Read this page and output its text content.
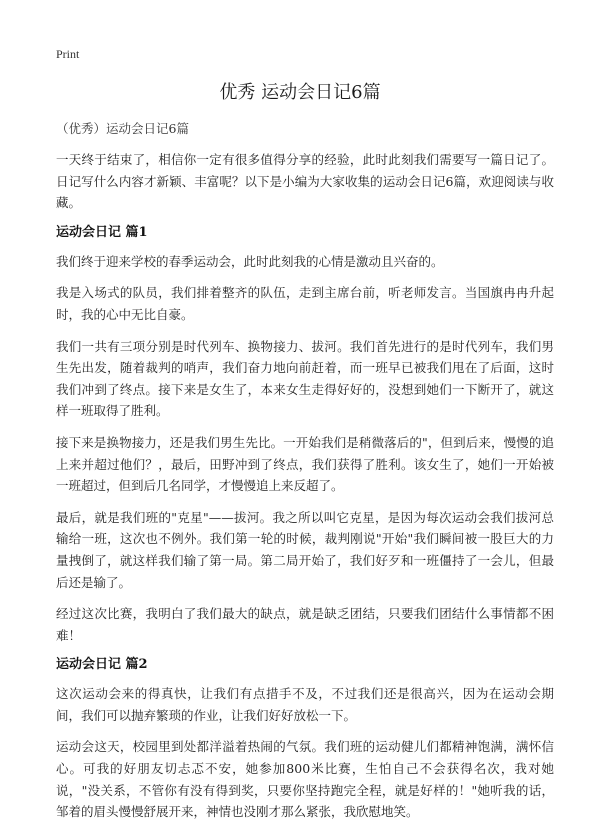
Print
优秀 运动会日记6篇
（优秀）运动会日记6篇

一天终于结束了，相信你一定有很多值得分享的经验，此时此刻我们需要写一篇日记了。日记写什么内容才新颖、丰富呢？以下是小编为大家收集的运动会日记6篇，欢迎阅读与收藏。

运动会日记 篇1

我们终于迎来学校的春季运动会，此时此刻我的心情是激动且兴奋的。

我是入场式的队员，我们排着整齐的队伍，走到主席台前，听老师发言。当国旗冉冉升起时，我的心中无比自豪。

我们一共有三项分别是时代列车、换物接力、拔河。我们首先进行的是时代列车，我们男生先出发，随着裁判的哨声，我们奋力地向前赶着，而一班早已被我们甩在了后面，这时我们冲到了终点。接下来是女生了，本来女生走得好好的，没想到她们一下断开了，就这样一班取得了胜利。

接下来是换物接力，还是我们男生先比。一开始我们是稍微落后的"，但到后来，慢慢的追上来并超过他们？，最后，田野冲到了终点，我们获得了胜利。该女生了，她们一开始被一班超过，但到后几名同学，才慢慢追上来反超了。

最后，就是我们班的"克星"——拔河。我之所以叫它克星，是因为每次运动会我们拔河总输给一班，这次也不例外。我们第一轮的时候，裁判刚说"开始"我们瞬间被一股巨大的力量拽倒了，就这样我们输了第一局。第二局开始了，我们好歹和一班僵持了一会儿，但最后还是输了。

经过这次比赛，我明白了我们最大的缺点，就是缺乏团结，只要我们团结什么事情都不困难！

运动会日记 篇2

这次运动会来的得真快，让我们有点措手不及，不过我们还是很高兴，因为在运动会期间，我们可以抛弃繁琐的作业，让我们好好放松一下。

运动会这天，校园里到处都洋溢着热闹的气氛。我们班的运动健儿们都精神饱满，满怀信心。可我的好朋友切忐忑不安，她参加800米比赛，生怕自己不会获得名次，我对她说，"没关系，不管你有没有得到奖，只要你坚持跑完全程，就是好样的！"她听我的话，邹着的眉头慢慢舒展开来，神情也没刚才那么紧张，我欣慰地笑。
